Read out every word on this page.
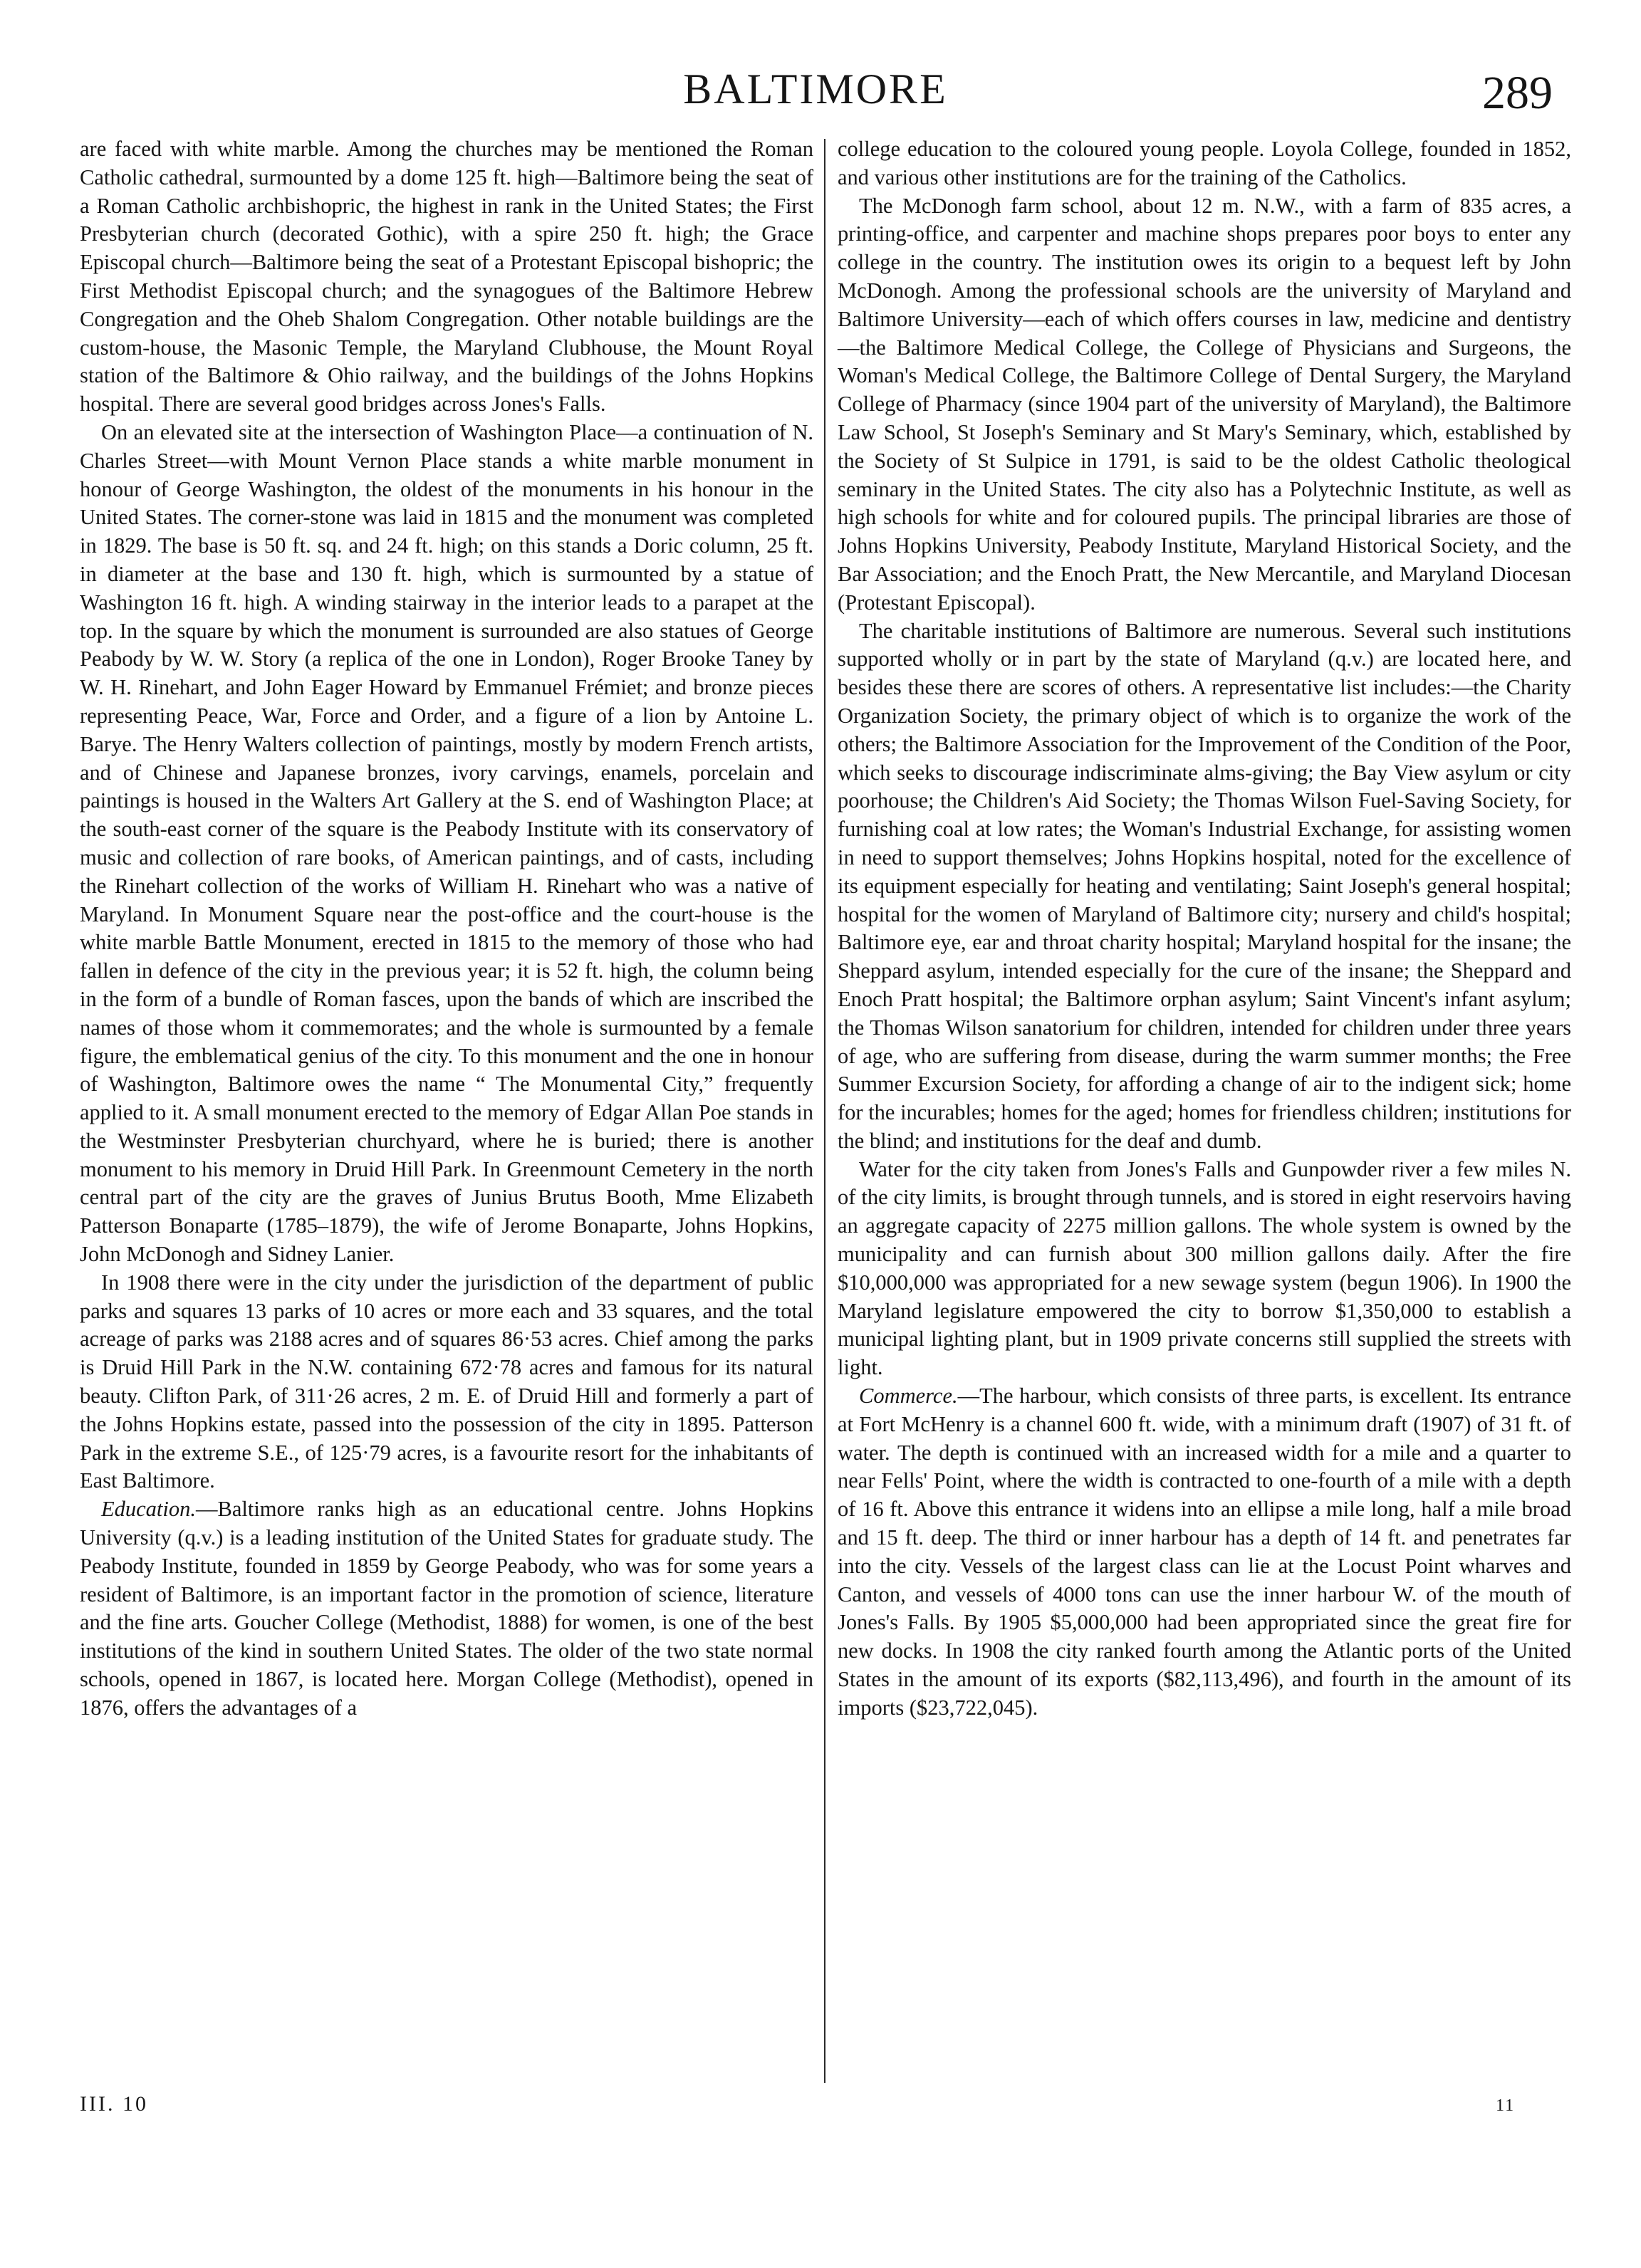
BALTIMORE	289

are faced with white marble. Among the churches may be mentioned the Roman Catholic cathedral, surmounted by a dome 125 ft. high—Baltimore being the seat of a Roman Catholic archbishopric, the highest in rank in the United States; the First Presbyterian church (decorated Gothic), with a spire 250 ft. high; the Grace Episcopal church—Baltimore being the seat of a Protestant Episcopal bishopric; the First Methodist Episcopal church; and the synagogues of the Baltimore Hebrew Congregation and the Oheb Shalom Congregation. Other notable buildings are the custom-house, the Masonic Temple, the Maryland Clubhouse, the Mount Royal station of the Baltimore & Ohio railway, and the buildings of the Johns Hopkins hospital. There are several good bridges across Jones's Falls.

On an elevated site at the intersection of Washington Place—a continuation of N. Charles Street—with Mount Vernon Place stands a white marble monument in honour of George Washington, the oldest of the monuments in his honour in the United States. The corner-stone was laid in 1815 and the monument was completed in 1829. The base is 50 ft. sq. and 24 ft. high; on this stands a Doric column, 25 ft. in diameter at the base and 130 ft. high, which is surmounted by a statue of Washington 16 ft. high. A winding stairway in the interior leads to a parapet at the top. In the square by which the monument is surrounded are also statues of George Peabody by W. W. Story (a replica of the one in London), Roger Brooke Taney by W. H. Rinehart, and John Eager Howard by Emmanuel Frémiet; and bronze pieces representing Peace, War, Force and Order, and a figure of a lion by Antoine L. Barye. The Henry Walters collection of paintings, mostly by modern French artists, and of Chinese and Japanese bronzes, ivory carvings, enamels, porcelain and paintings is housed in the Walters Art Gallery at the S. end of Washington Place; at the south-east corner of the square is the Peabody Institute with its conservatory of music and collection of rare books, of American paintings, and of casts, including the Rinehart collection of the works of William H. Rinehart who was a native of Maryland. In Monument Square near the post-office and the court-house is the white marble Battle Monument, erected in 1815 to the memory of those who had fallen in defence of the city in the previous year; it is 52 ft. high, the column being in the form of a bundle of Roman fasces, upon the bands of which are inscribed the names of those whom it commemorates; and the whole is surmounted by a female figure, the emblematical genius of the city. To this monument and the one in honour of Washington, Baltimore owes the name “ The Monumental City,” frequently applied to it. A small monument erected to the memory of Edgar Allan Poe stands in the Westminster Presbyterian churchyard, where he is buried; there is another monument to his memory in Druid Hill Park. In Greenmount Cemetery in the north central part of the city are the graves of Junius Brutus Booth, Mme Elizabeth Patterson Bonaparte (1785–1879), the wife of Jerome Bonaparte, Johns Hopkins, John McDonogh and Sidney Lanier.

In 1908 there were in the city under the jurisdiction of the department of public parks and squares 13 parks of 10 acres or more each and 33 squares, and the total acreage of parks was 2188 acres and of squares 86·53 acres. Chief among the parks is Druid Hill Park in the N.W. containing 672·78 acres and famous for its natural beauty. Clifton Park, of 311·26 acres, 2 m. E. of Druid Hill and formerly a part of the Johns Hopkins estate, passed into the possession of the city in 1895. Patterson Park in the extreme S.E., of 125·79 acres, is a favourite resort for the inhabitants of East Baltimore.

Education.—Baltimore ranks high as an educational centre. Johns Hopkins University (q.v.) is a leading institution of the United States for graduate study. The Peabody Institute, founded in 1859 by George Peabody, who was for some years a resident of Baltimore, is an important factor in the promotion of science, literature and the fine arts. Goucher College (Methodist, 1888) for women, is one of the best institutions of the kind in southern United States. The older of the two state normal schools, opened in 1867, is located here. Morgan College (Methodist), opened in 1876, offers the advantages of a

college education to the coloured young people. Loyola College, founded in 1852, and various other institutions are for the training of the Catholics.

The McDonogh farm school, about 12 m. N.W., with a farm of 835 acres, a printing-office, and carpenter and machine shops prepares poor boys to enter any college in the country. The institution owes its origin to a bequest left by John McDonogh. Among the professional schools are the university of Maryland and Baltimore University—each of which offers courses in law, medicine and dentistry—the Baltimore Medical College, the College of Physicians and Surgeons, the Woman's Medical College, the Baltimore College of Dental Surgery, the Maryland College of Pharmacy (since 1904 part of the university of Maryland), the Baltimore Law School, St Joseph's Seminary and St Mary's Seminary, which, established by the Society of St Sulpice in 1791, is said to be the oldest Catholic theological seminary in the United States. The city also has a Polytechnic Institute, as well as high schools for white and for coloured pupils. The principal libraries are those of Johns Hopkins University, Peabody Institute, Maryland Historical Society, and the Bar Association; and the Enoch Pratt, the New Mercantile, and Maryland Diocesan (Protestant Episcopal).

The charitable institutions of Baltimore are numerous. Several such institutions supported wholly or in part by the state of Maryland (q.v.) are located here, and besides these there are scores of others. A representative list includes:—the Charity Organization Society, the primary object of which is to organize the work of the others; the Baltimore Association for the Improvement of the Condition of the Poor, which seeks to discourage indiscriminate alms-giving; the Bay View asylum or city poorhouse; the Children's Aid Society; the Thomas Wilson Fuel-Saving Society, for furnishing coal at low rates; the Woman's Industrial Exchange, for assisting women in need to support themselves; Johns Hopkins hospital, noted for the excellence of its equipment especially for heating and ventilating; Saint Joseph's general hospital; hospital for the women of Maryland of Baltimore city; nursery and child's hospital; Baltimore eye, ear and throat charity hospital; Maryland hospital for the insane; the Sheppard asylum, intended especially for the cure of the insane; the Sheppard and Enoch Pratt hospital; the Baltimore orphan asylum; Saint Vincent's infant asylum; the Thomas Wilson sanatorium for children, intended for children under three years of age, who are suffering from disease, during the warm summer months; the Free Summer Excursion Society, for affording a change of air to the indigent sick; home for the incurables; homes for the aged; homes for friendless children; institutions for the blind; and institutions for the deaf and dumb.

Water for the city taken from Jones's Falls and Gunpowder river a few miles N. of the city limits, is brought through tunnels, and is stored in eight reservoirs having an aggregate capacity of 2275 million gallons. The whole system is owned by the municipality and can furnish about 300 million gallons daily. After the fire $10,000,000 was appropriated for a new sewage system (begun 1906). In 1900 the Maryland legislature empowered the city to borrow $1,350,000 to establish a municipal lighting plant, but in 1909 private concerns still supplied the streets with light.

Commerce.—The harbour, which consists of three parts, is excellent. Its entrance at Fort McHenry is a channel 600 ft. wide, with a minimum draft (1907) of 31 ft. of water. The depth is continued with an increased width for a mile and a quarter to near Fells' Point, where the width is contracted to one-fourth of a mile with a depth of 16 ft. Above this entrance it widens into an ellipse a mile long, half a mile broad and 15 ft. deep. The third or inner harbour has a depth of 14 ft. and penetrates far into the city. Vessels of the largest class can lie at the Locust Point wharves and Canton, and vessels of 4000 tons can use the inner harbour W. of the mouth of Jones's Falls. By 1905 $5,000,000 had been appropriated since the great fire for new docks. In 1908 the city ranked fourth among the Atlantic ports of the United States in the amount of its exports ($82,113,496), and fourth in the amount of its imports ($23,722,045).

III. 10	11
